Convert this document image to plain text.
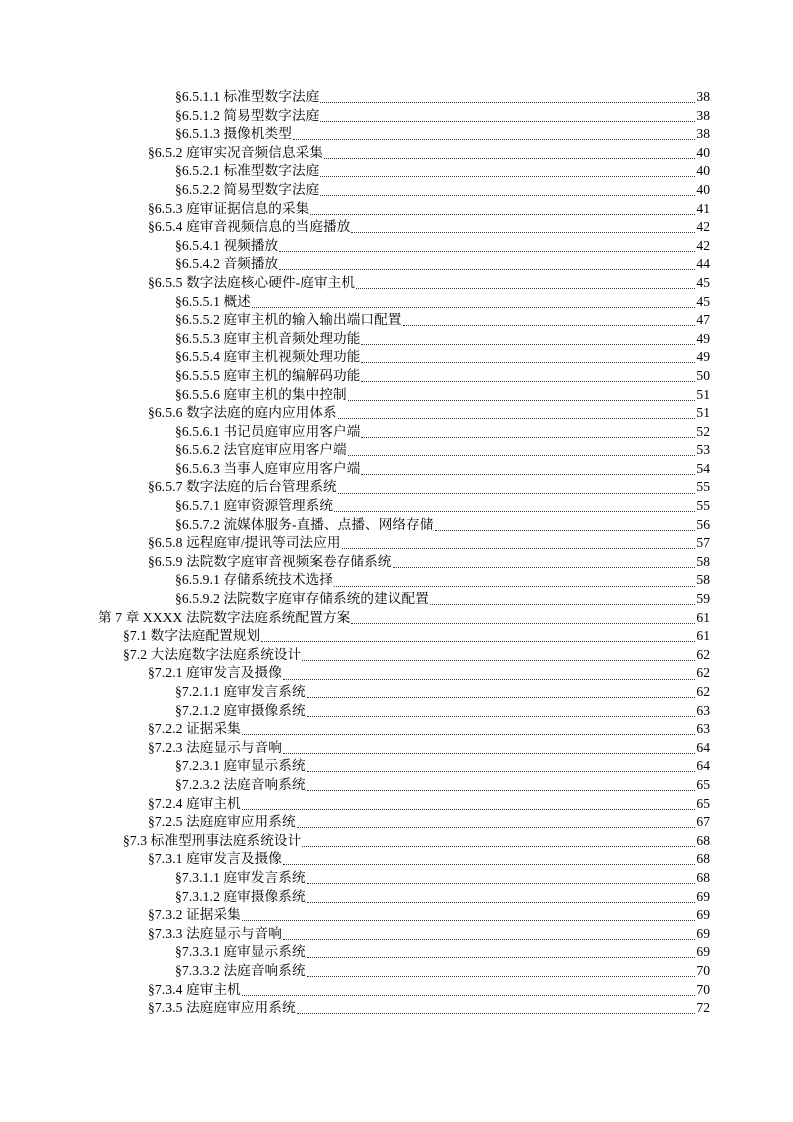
§6.5.1.1 标准型数字法庭	38
§6.5.1.2 简易型数字法庭	38
§6.5.1.3 摄像机类型	38
§6.5.2 庭审实况音频信息采集	40
§6.5.2.1 标准型数字法庭	40
§6.5.2.2 简易型数字法庭	40
§6.5.3 庭审证据信息的采集	41
§6.5.4 庭审音视频信息的当庭播放	42
§6.5.4.1 视频播放	42
§6.5.4.2 音频播放	44
§6.5.5 数字法庭核心硬件-庭审主机	45
§6.5.5.1 概述	45
§6.5.5.2 庭审主机的输入输出端口配置	47
§6.5.5.3 庭审主机音频处理功能	49
§6.5.5.4 庭审主机视频处理功能	49
§6.5.5.5 庭审主机的编解码功能	50
§6.5.5.6 庭审主机的集中控制	51
§6.5.6 数字法庭的庭内应用体系	51
§6.5.6.1 书记员庭审应用客户端	52
§6.5.6.2 法官庭审应用客户端	53
§6.5.6.3 当事人庭审应用客户端	54
§6.5.7 数字法庭的后台管理系统	55
§6.5.7.1 庭审资源管理系统	55
§6.5.7.2 流媒体服务-直播、点播、网络存储	56
§6.5.8 远程庭审/提讯等司法应用	57
§6.5.9 法院数字庭审音视频案卷存储系统	58
§6.5.9.1 存储系统技术选择	58
§6.5.9.2 法院数字庭审存储系统的建议配置	59
第 7 章 XXXX 法院数字法庭系统配置方案	61
§7.1 数字法庭配置规划	61
§7.2 大法庭数字法庭系统设计	62
§7.2.1 庭审发言及摄像	62
§7.2.1.1 庭审发言系统	62
§7.2.1.2 庭审摄像系统	63
§7.2.2 证据采集	63
§7.2.3 法庭显示与音响	64
§7.2.3.1 庭审显示系统	64
§7.2.3.2 法庭音响系统	65
§7.2.4 庭审主机	65
§7.2.5 法庭庭审应用系统	67
§7.3 标准型刑事法庭系统设计	68
§7.3.1 庭审发言及摄像	68
§7.3.1.1 庭审发言系统	68
§7.3.1.2 庭审摄像系统	69
§7.3.2 证据采集	69
§7.3.3 法庭显示与音响	69
§7.3.3.1 庭审显示系统	69
§7.3.3.2 法庭音响系统	70
§7.3.4 庭审主机	70
§7.3.5 法庭庭审应用系统	72
